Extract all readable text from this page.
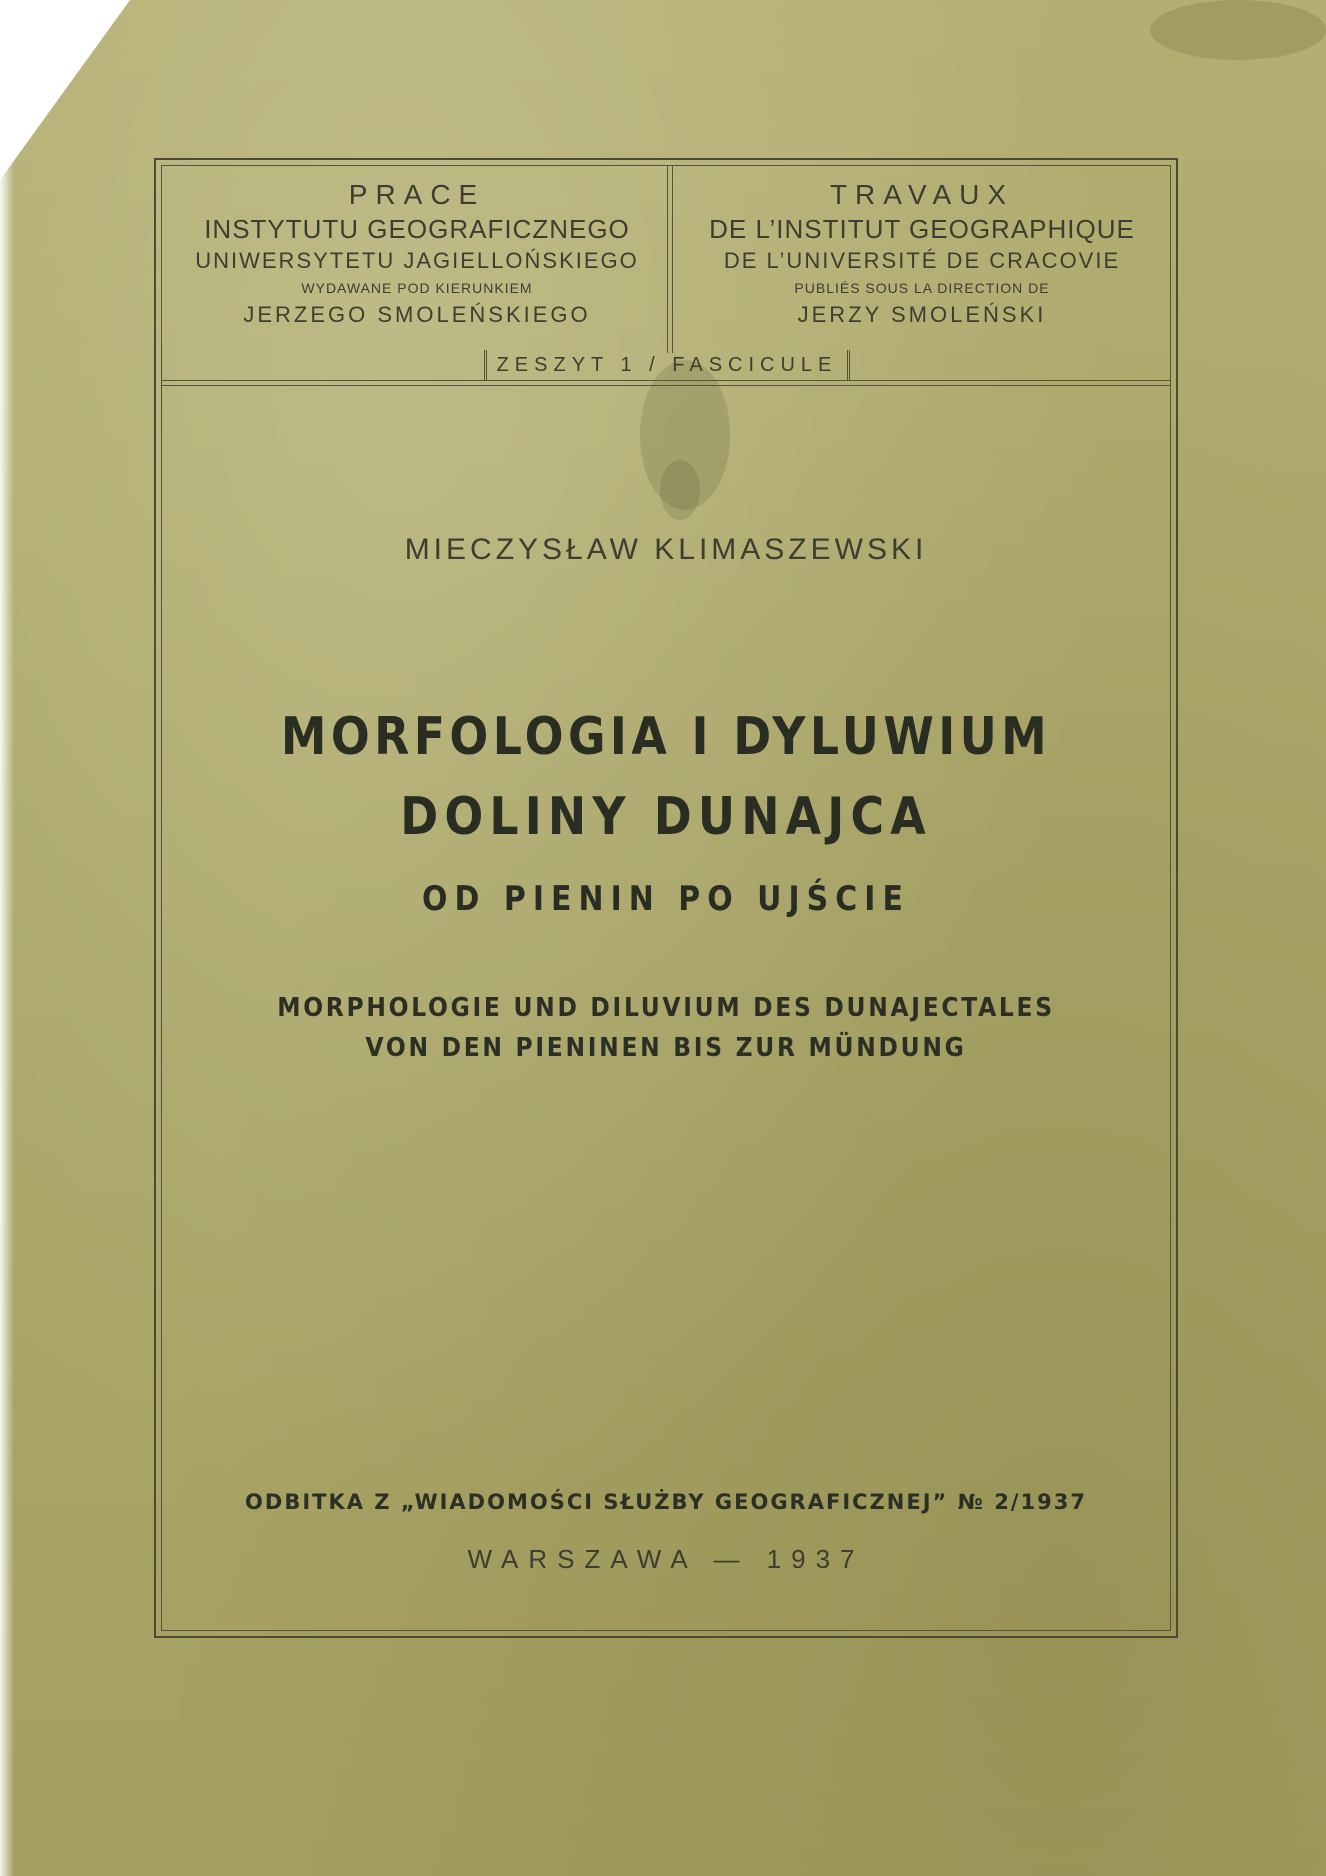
PRACE
INSTYTUTU GEOGRAFICZNEGO
UNIWERSYTETU JAGIELLOŃSKIEGO
WYDAWANE POD KIERUNKIEM
JERZEGO SMOLEŃSKIEGO
TRAVAUX
DE L’INSTITUT GEOGRAPHIQUE
DE L’UNIVERSITÉ DE CRACOVIE
PUBLIÉS SOUS LA DIRECTION DE
JERZY SMOLEŃSKI
ZESZYT 1 / FASCICULE
MIECZYSŁAW KLIMASZEWSKI
MORFOLOGIA I DYLUWIUM
DOLINY DUNAJCA
OD PIENIN PO UJŚCIE
MORPHOLOGIE UND DILUVIUM DES DUNAJECTALES
VON DEN PIENINEN BIS ZUR MÜNDUNG
ODBITKA Z „WIADOMOŚCI SŁUŻBY GEOGRAFICZNEJ” № 2/1937
WARSZAWA — 1937
